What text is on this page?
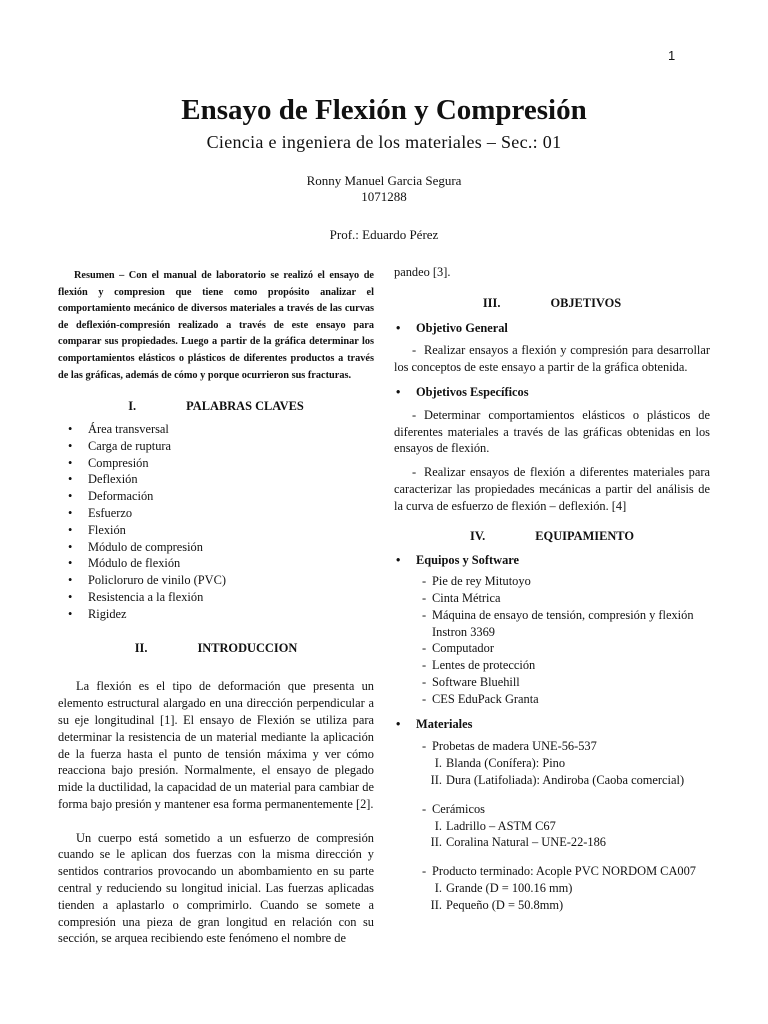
1
Ensayo de Flexión y Compresión
Ciencia e ingeniera de los materiales – Sec.: 01
Ronny Manuel Garcia Segura
1071288
Prof.: Eduardo Pérez

Resumen – Con el manual de laboratorio se realizó el ensayo de flexión y compresion que tiene como propósito analizar el comportamiento mecánico de diversos materiales a través de las curvas de deflexión-compresión realizado a través de este ensayo para comparar sus propiedades. Luego a partir de la gráfica determinar los comportamientos elásticos o plásticos de diferentes productos a través de las gráficas, además de cómo y porque ocurrieron sus fracturas.

I.	PALABRAS CLAVES
• Área transversal
• Carga de ruptura
• Compresión
• Deflexión
• Deformación
• Esfuerzo
• Flexión
• Módulo de compresión
• Módulo de flexión
• Policloruro de vinilo (PVC)
• Resistencia a la flexión
• Rigidez
II.	INTRODUCCION

La flexión es el tipo de deformación que presenta un elemento estructural alargado en una dirección perpendicular a su eje longitudinal [1]. El ensayo de Flexión se utiliza para determinar la resistencia de un material mediante la aplicación de la fuerza hasta el punto de tensión máxima y ver cómo reacciona bajo presión. Normalmente, el ensayo de plegado mide la ductilidad, la capacidad de un material para cambiar de forma bajo presión y mantener esa forma permanentemente [2].

Un cuerpo está sometido a un esfuerzo de compresión cuando se le aplican dos fuerzas con la misma dirección y sentidos contrarios provocando un abombamiento en su parte central y reduciendo su longitud inicial. Las fuerzas aplicadas tienden a aplastarlo o comprimirlo. Cuando se somete a compresión una pieza de gran longitud en relación con su sección, se arquea recibiendo este fenómeno el nombre de

pandeo [3].

III.	OBJETIVOS

• Objetivo General

- Realizar ensayos a flexión y compresión para desarrollar los conceptos de este ensayo a partir de la gráfica obtenida.

• Objetivos Específicos

- Determinar comportamientos elásticos o plásticos de diferentes materiales a través de las gráficas obtenidas en los ensayos de flexión.

- Realizar ensayos de flexión a diferentes materiales para caracterizar las propiedades mecánicas a partir del análisis de la curva de esfuerzo de flexión – deflexión. [4]

IV.	EQUIPAMIENTO

• Equipos y Software

- Pie de rey Mitutoyo
- Cinta Métrica
- Máquina de ensayo de tensión, compresión y flexión Instron 3369
- Computador
- Lentes de protección
- Software Bluehill
- CES EduPack Granta

• Materiales

- Probetas de madera UNE-56-537
I. Blanda (Conífera): Pino
II. Dura (Latifoliada): Andiroba (Caoba comercial)
- Cerámicos
I. Ladrillo – ASTM C67
II. Coralina Natural – UNE-22-186
- Producto terminado: Acople PVC NORDOM CA007
I. Grande (D = 100.16 mm)
II. Pequeño (D = 50.8mm)
